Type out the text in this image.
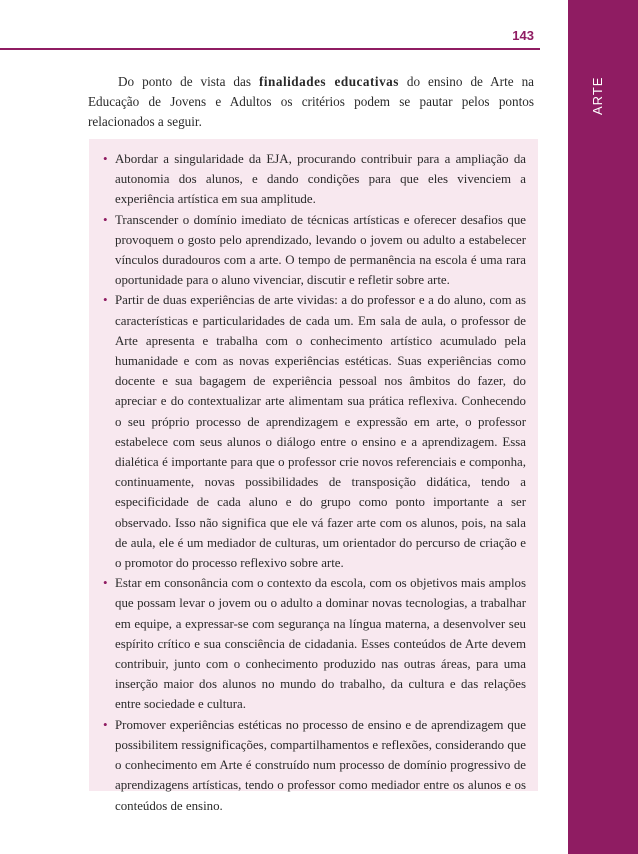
ARTE
143

Do ponto de vista das finalidades educativas do ensino de Arte na Educação de Jovens e Adultos os critérios podem se pautar pelos pontos relacionados a seguir.

• Abordar a singularidade da EJA, procurando contribuir para a ampliação da autonomia dos alunos, e dando condições para que eles vivenciem a experiência artística em sua amplitude.
• Transcender o domínio imediato de técnicas artísticas e oferecer desafios que provoquem o gosto pelo aprendizado, levando o jovem ou adulto a estabelecer vínculos duradouros com a arte. O tempo de permanência na escola é uma rara oportunidade para o aluno vivenciar, discutir e refletir sobre arte.
• Partir de duas experiências de arte vividas: a do professor e a do aluno, com as características e particularidades de cada um. Em sala de aula, o professor de Arte apresenta e trabalha com o conhecimento artístico acumulado pela humanidade e com as novas experiências estéticas. Suas experiências como docente e sua bagagem de experiência pessoal nos âmbitos do fazer, do apreciar e do contextualizar arte alimentam sua prática reflexiva. Conhecendo o seu próprio processo de aprendizagem e expressão em arte, o professor estabelece com seus alunos o diálogo entre o ensino e a aprendizagem. Essa dialética é importante para que o professor crie novos referenciais e componha, continuamente, novas possibilidades de transposição didática, tendo a especificidade de cada aluno e do grupo como ponto importante a ser observado. Isso não significa que ele vá fazer arte com os alunos, pois, na sala de aula, ele é um mediador de culturas, um orientador do percurso de criação e o promotor do processo reflexivo sobre arte.
• Estar em consonância com o contexto da escola, com os objetivos mais amplos que possam levar o jovem ou o adulto a dominar novas tecnologias, a trabalhar em equipe, a expressar-se com segurança na língua materna, a desenvolver seu espírito crítico e sua consciência de cidadania. Esses conteúdos de Arte devem contribuir, junto com o conhecimento produzido nas outras áreas, para uma inserção maior dos alunos no mundo do trabalho, da cultura e das relações entre sociedade e cultura.
• Promover experiências estéticas no processo de ensino e de aprendizagem que possibilitem ressignificações, compartilhamentos e reflexões, considerando que o conhecimento em Arte é construído num processo de domínio progressivo de aprendizagens artísticas, tendo o professor como mediador entre os alunos e os conteúdos de ensino.
